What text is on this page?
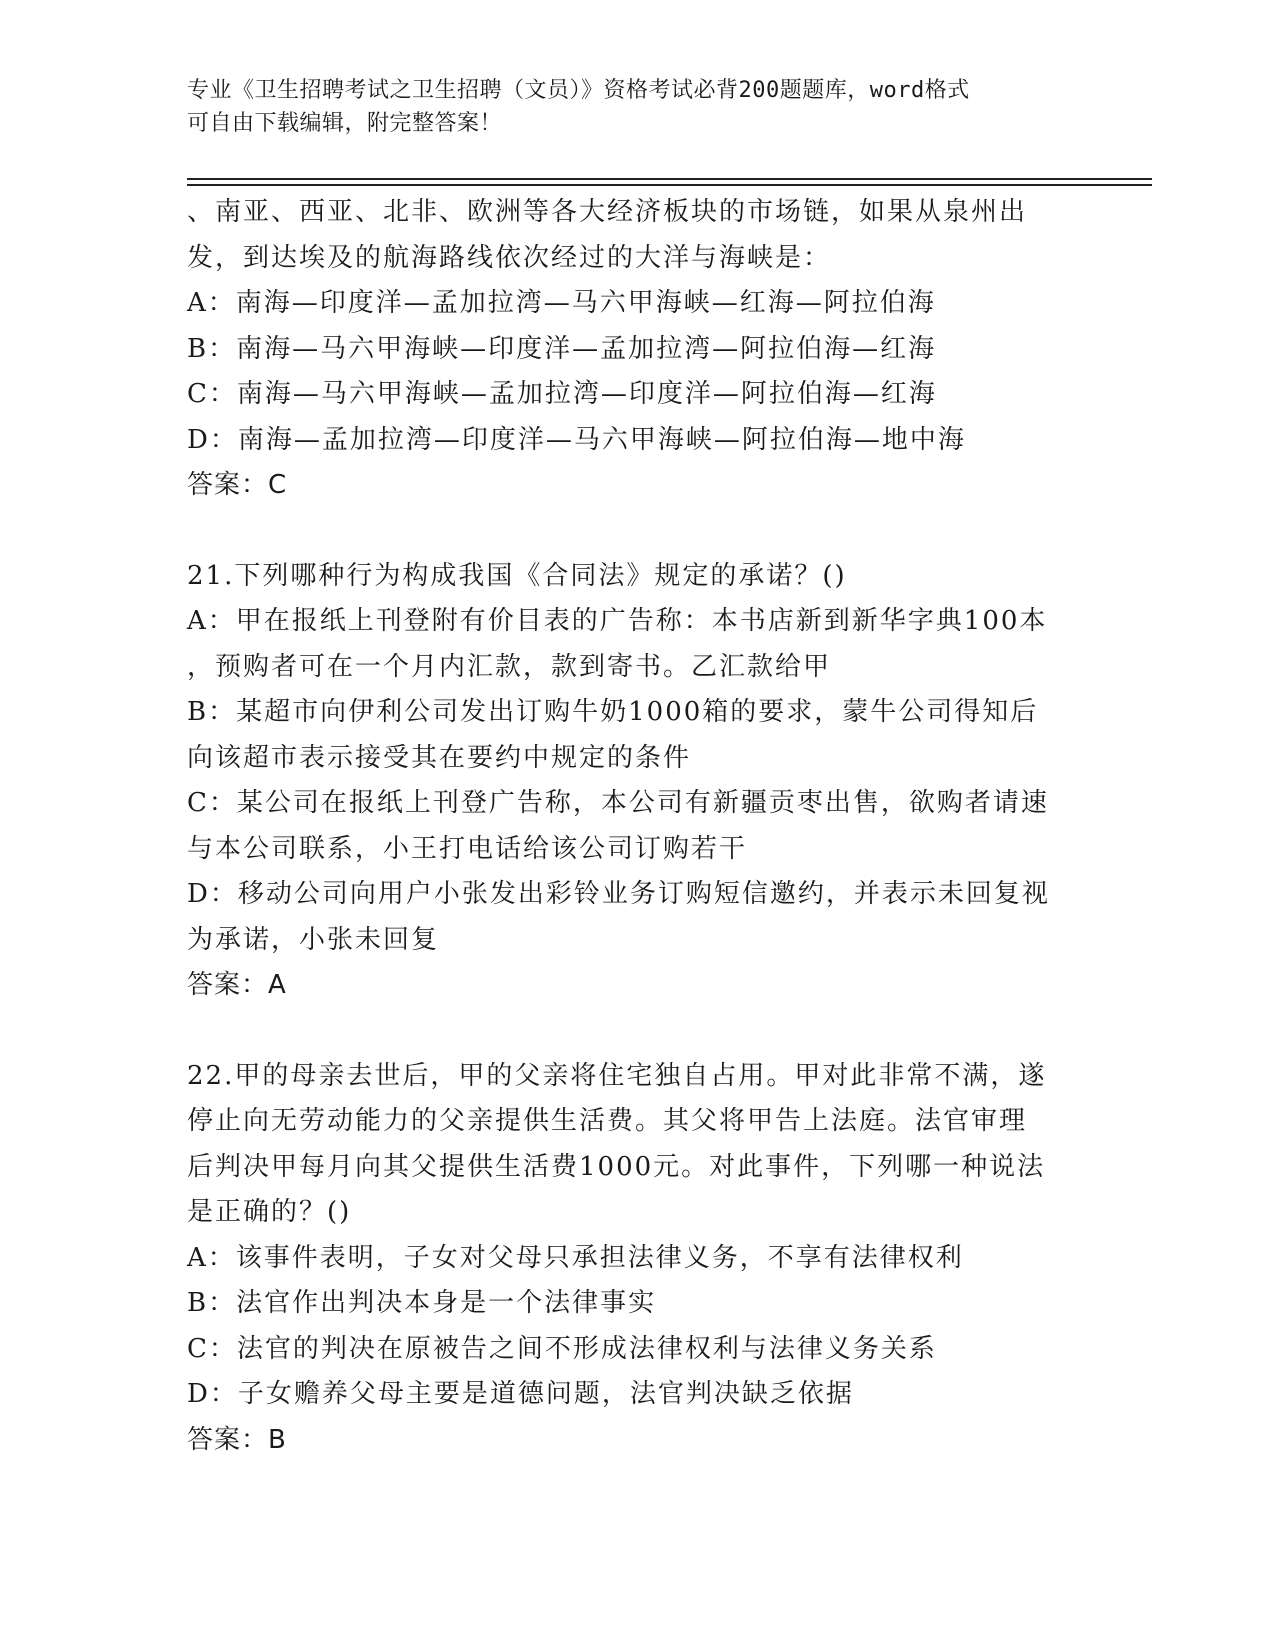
专业《卫生招聘考试之卫生招聘（文员）》资格考试必背200题题库，word格式
可自由下载编辑，附完整答案！
、南亚、西亚、北非、欧洲等各大经济板块的市场链，如果从泉州出
发，到达埃及的航海路线依次经过的大洋与海峡是：
A：南海—印度洋—孟加拉湾—马六甲海峡—红海—阿拉伯海
B：南海—马六甲海峡—印度洋—孟加拉湾—阿拉伯海—红海
C：南海—马六甲海峡—孟加拉湾—印度洋—阿拉伯海—红海
D：南海—孟加拉湾—印度洋—马六甲海峡—阿拉伯海—地中海
答案：C
21.下列哪种行为构成我国《合同法》规定的承诺？()
A：甲在报纸上刊登附有价目表的广告称：本书店新到新华字典100本
，预购者可在一个月内汇款，款到寄书。乙汇款给甲
B：某超市向伊利公司发出订购牛奶1000箱的要求，蒙牛公司得知后
向该超市表示接受其在要约中规定的条件
C：某公司在报纸上刊登广告称，本公司有新疆贡枣出售，欲购者请速
与本公司联系，小王打电话给该公司订购若干
D：移动公司向用户小张发出彩铃业务订购短信邀约，并表示未回复视
为承诺，小张未回复
答案：A
22.甲的母亲去世后，甲的父亲将住宅独自占用。甲对此非常不满，遂
停止向无劳动能力的父亲提供生活费。其父将甲告上法庭。法官审理
后判决甲每月向其父提供生活费1000元。对此事件，下列哪一种说法
是正确的？()
A：该事件表明，子女对父母只承担法律义务，不享有法律权利
B：法官作出判决本身是一个法律事实
C：法官的判决在原被告之间不形成法律权利与法律义务关系
D：子女赡养父母主要是道德问题，法官判决缺乏依据
答案：B
